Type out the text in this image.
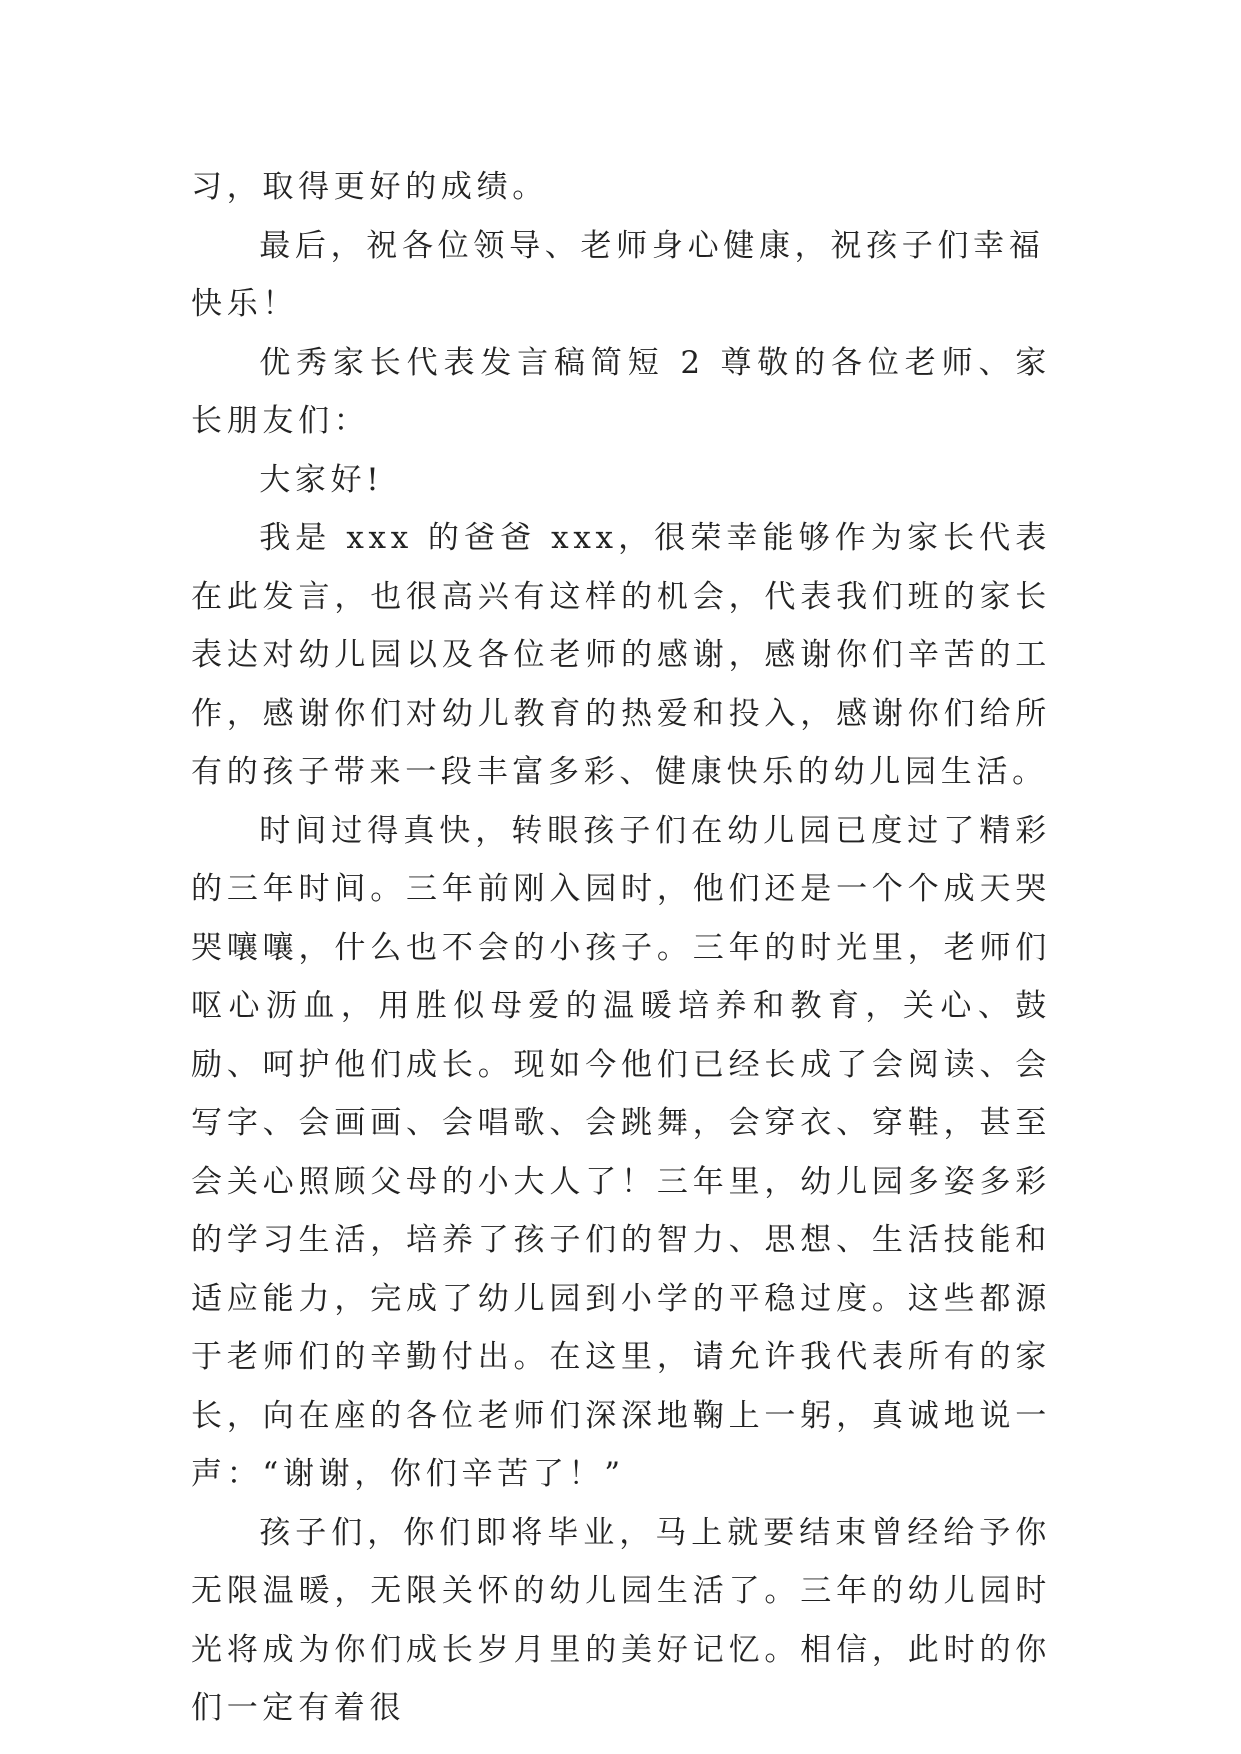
习，取得更好的成绩。

最后，祝各位领导、老师身心健康，祝孩子们幸福快乐！

优秀家长代表发言稿简短 2 尊敬的各位老师、家长朋友们：

大家好!

我是 xxx 的爸爸 xxx，很荣幸能够作为家长代表在此发言，也很高兴有这样的机会，代表我们班的家长表达对幼儿园以及各位老师的感谢，感谢你们辛苦的工作，感谢你们对幼儿教育的热爱和投入，感谢你们给所有的孩子带来一段丰富多彩、健康快乐的幼儿园生活。

时间过得真快，转眼孩子们在幼儿园已度过了精彩的三年时间。三年前刚入园时，他们还是一个个成天哭哭嚷嚷，什么也不会的小孩子。三年的时光里，老师们呕心沥血，用胜似母爱的温暖培养和教育，关心、鼓励、呵护他们成长。现如今他们已经长成了会阅读、会写字、会画画、会唱歌、会跳舞，会穿衣、穿鞋，甚至会关心照顾父母的小大人了！三年里，幼儿园多姿多彩的学习生活，培养了孩子们的智力、思想、生活技能和适应能力，完成了幼儿园到小学的平稳过度。这些都源于老师们的辛勤付出。在这里，请允许我代表所有的家长，向在座的各位老师们深深地鞠上一躬，真诚地说一声：“谢谢，你们辛苦了！”

孩子们，你们即将毕业，马上就要结束曾经给予你无限温暖，无限关怀的幼儿园生活了。三年的幼儿园时光将成为你们成长岁月里的美好记忆。相信，此时的你们一定有着很
